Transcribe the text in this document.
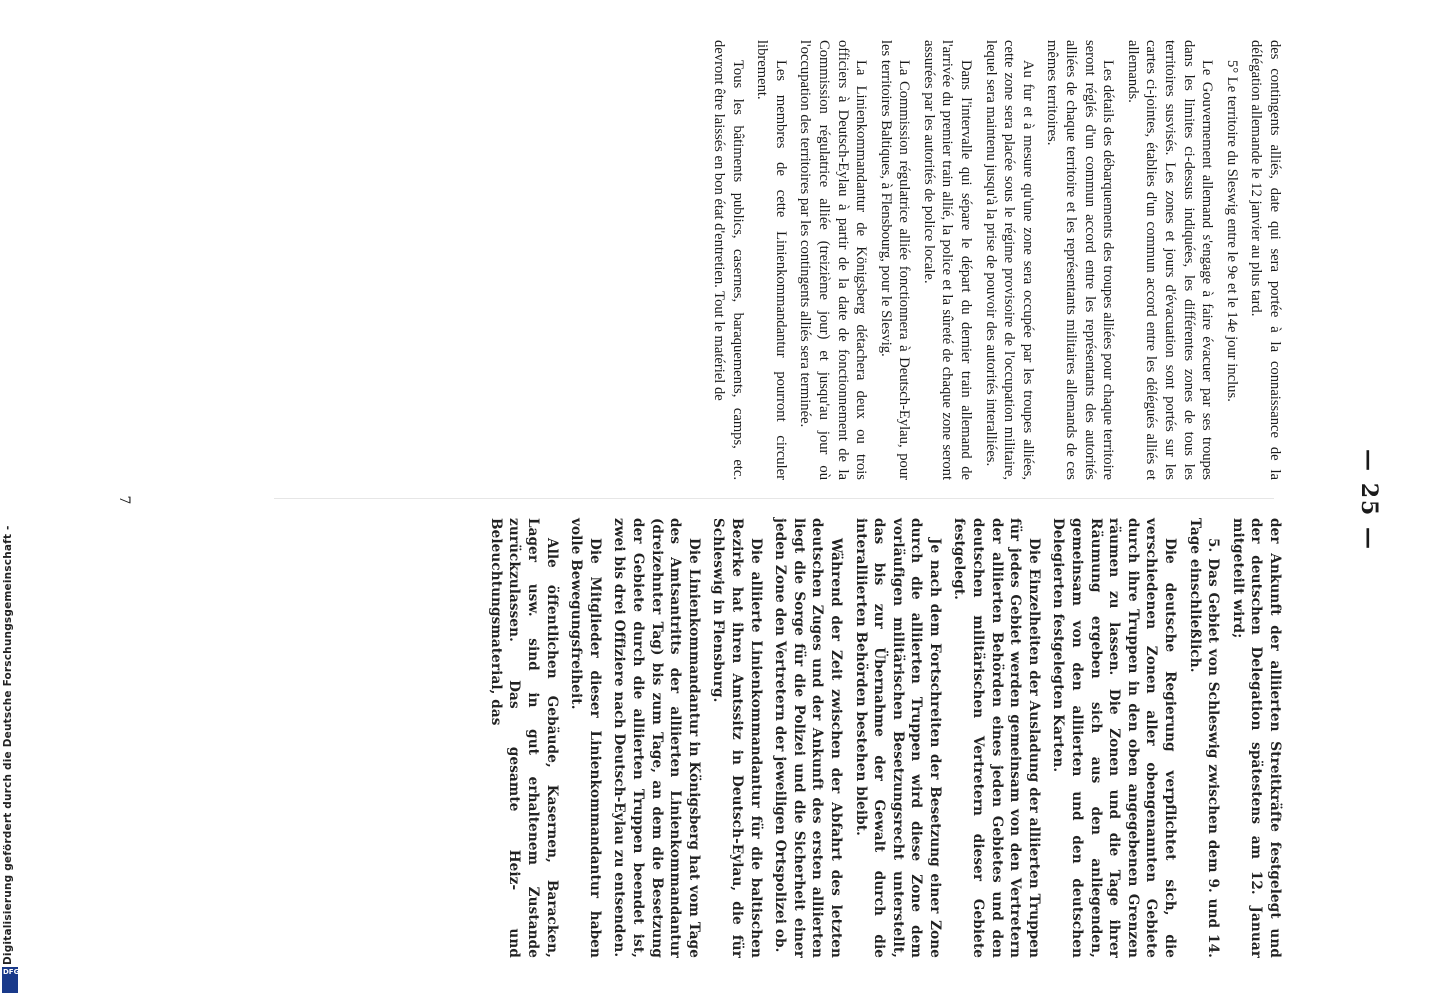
Digitalisierung gefördert durch die Deutsche Forschungsgemeinschaft -
DFG
— 25 —

des contingents alliés, date qui sera portée à la connaissance de la délégation allemande le 12 janvier au plus tard.

5° Le territoire du Sleswig entre le 9e et le 14e jour inclus.

Le Gouvernement allemand s'engage à faire évacuer par ses troupes dans les limites ci-dessus indiquées, les différentes zones de tous les territoires susvisés. Les zones et jours d'évacuation sont portés sur les cartes ci-jointes, établies d'un commun accord entre les délégués alliés et allemands.

Les détails des débarquements des troupes alliées pour chaque territoire seront réglés d'un commun accord entre les représentants des autorités alliées de chaque territoire et les représentants militaires allemands de ces mêmes territoires.

Au fur et à mesure qu'une zone sera occupée par les troupes alliées, cette zone sera placée sous le régime provisoire de l'occupation militaire, lequel sera maintenu jusqu'à la prise de pouvoir des autorités interalliées.

Dans l'intervalle qui sépare le départ du dernier train allemand de l'arrivée du premier train allié, la police et la sûreté de chaque zone seront assurées par les autorités de police locale.

La Commission régulatrice alliée fonctionnera à Deutsch-Eylau, pour les territoires Baltiques, à Flensbourg, pour le Slesvig.

La Linienkommandantur de Königsberg détachera deux ou trois officiers à Deutsch-Eylau à partir de la date de fonctionnement de la Commission régulatrice alliée (treizième jour) et jusqu'au jour où l'occupation des territoires par les contingents alliés sera terminée.

Les membres de cette Linienkommandantur pourront circuler librement.

Tous les bâtiments publics, casernes, baraquements, camps, etc. devront être laissés en bon état d'entretien. Tout le matériel de

der Ankunft der alliierten Streitkräfte festgelegt und der deutschen Delegation spätestens am 12. Januar mitgeteilt wird;

5. Das Gebiet von Schleswig zwischen dem 9. und 14. Tage einschließlich.

Die deutsche Regierung verpflichtet sich, die verschiedenen Zonen aller obengenannten Gebiete durch ihre Truppen in den oben angegebenen Grenzen räumen zu lassen. Die Zonen und die Tage ihrer Räumung ergeben sich aus den anliegenden, gemeinsam von den alliierten und den deutschen Delegierten festgelegten Karten.

Die Einzelheiten der Ausladung der alliierten Truppen für jedes Gebiet werden gemeinsam von den Vertretern der alliierten Behörden eines jeden Gebietes und den deutschen militärischen Vertretern dieser Gebiete festgelegt.

Je nach dem Fortschreiten der Besetzung einer Zone durch die alliierten Truppen wird diese Zone dem vorläufigen militärischen Besetzungsrecht unterstellt, das bis zur Übernahme der Gewalt durch die interalliierten Behörden bestehen bleibt.

Während der Zeit zwischen der Abfahrt des letzten deutschen Zuges und der Ankunft des ersten alliierten liegt die Sorge für die Polizei und die Sicherheit einer jeden Zone den Vertretern der jeweiligen Ortspolizei ob.

Die alliierte Linienkommandantur für die baltischen Bezirke hat ihren Amtssitz in Deutsch-Eylau, die für Schleswig in Flensburg.

Die Linienkommandantur in Königsberg hat vom Tage des Amtsantritts der alliierten Linienkommandantur (dreizehnter Tag) bis zum Tage, an dem die Besetzung der Gebiete durch die alliierten Truppen beendet ist, zwei bis drei Offiziere nach Deutsch-Eylau zu entsenden.

Die Mitglieder dieser Linienkommandantur haben volle Bewegungsfreiheit.

Alle öffentlichen Gebäude, Kasernen, Baracken, Lager usw. sind in gut erhaltenem Zustande zurückzulassen. Das gesamte Heiz- und Beleuchtungsmaterial, das

7
